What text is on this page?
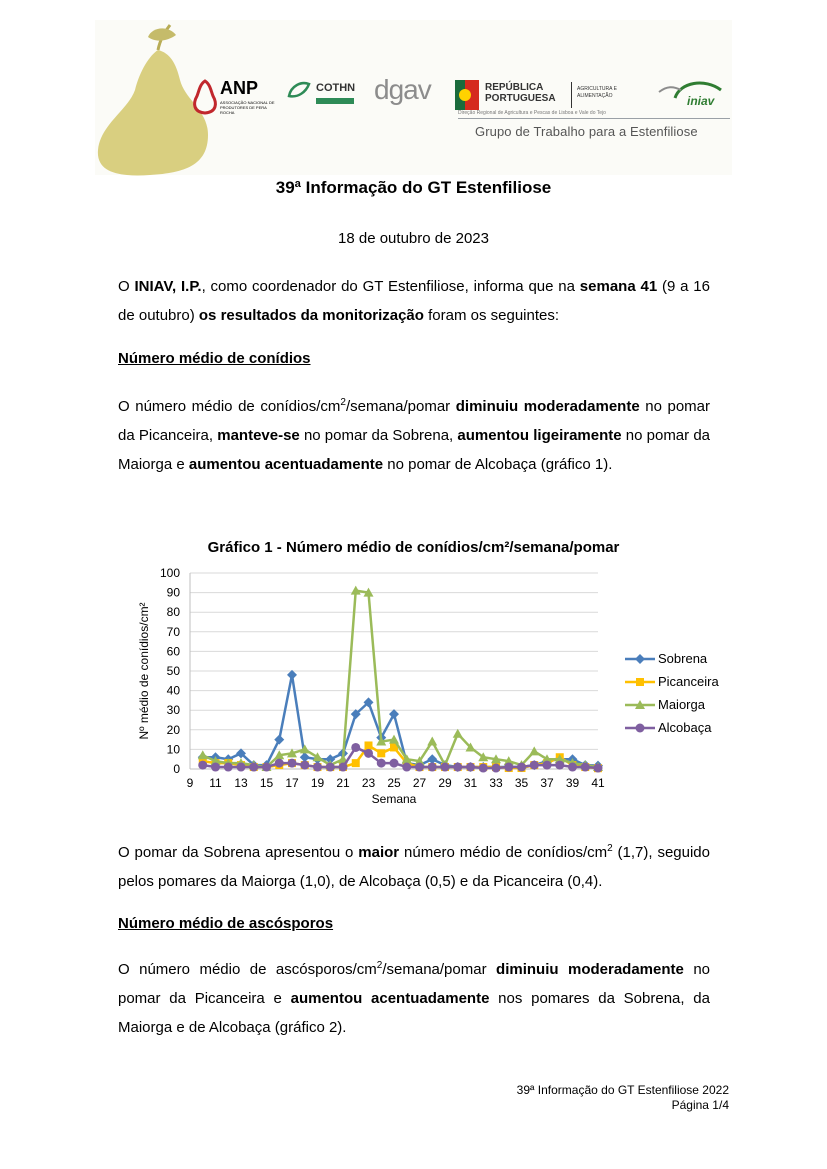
ANP
ASSOCIAÇÃO NACIONAL DE PRODUTORES DE PERA ROCHA
COTHN dgav	REPÚBLICA PORTUGUESA
AGRICULTURA E ALIMENTAÇÃO	iniav
Direção Regional de Agricultura e Pescas de Lisboa e Vale do Tejo
Grupo de Trabalho para a Estenfiliose
39ª Informação do GT Estenfiliose
18 de outubro de 2023
O INIAV, I.P., como coordenador do GT Estenfiliose, informa que na semana 41 (9 a 16 de outubro) os resultados da monitorização foram os seguintes:
Número médio de conídios
O número médio de conídios/$cm^2/semana$/pomar diminuiu moderadamente no pomar da Picanceira, manteve-se no pomar da Sobrena, aumentou ligeiramente no pomar da Maiorga e aumentou acentuadamente no pomar de Alcobaça (gráfico 1).
Gráfico 1 - Número médio de conídios/cm²/semana/pomar
0
10
20
30
40
50
60
70
80
90
100
9 11 13 15 17 19 21 23 25 27 29 31 33 35 37 39 41
Semana
Nº médio de conídios/cm²	Sobrena
Picanceira
Maiorga
Alcobaça
O pomar da Sobrena apresentou o maior número médio de conídios/$cm^2$ (1,7), seguido pelos pomares da Maiorga (1,0), de Alcobaça (0,5) e da Picanceira (0,4).
Número médio de ascósporos
O número médio de ascósporos/$cm^2/semana$/pomar diminuiu moderadamente no pomar da Picanceira e aumentou acentuadamente nos pomares da Sobrena, da Maiorga e de Alcobaça (gráfico 2).
39ª Informação do GT Estenfiliose 2022
Página 1/4
